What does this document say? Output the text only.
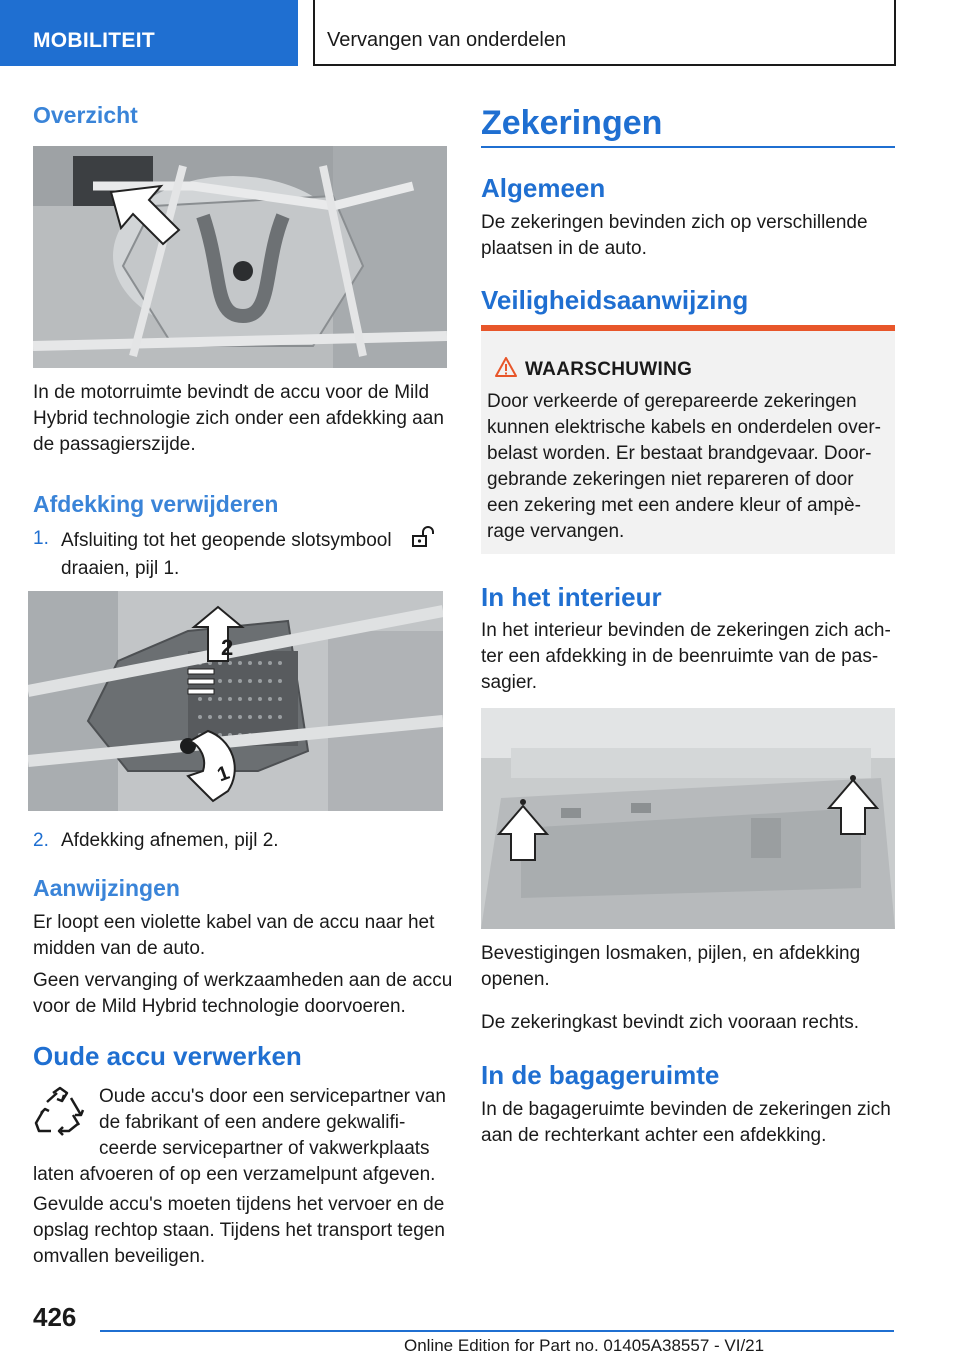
MOBILITEIT	Vervangen van onderdelen
Overzicht
In de motorruimte bevindt de accu voor de Mild Hybrid technologie zich onder een afdekking aan de passagierszijde.
Afdekking verwijderen
1. Afsluiting tot het geopende slotsymbool
draaien, pijl 1.
2
1
2. Afdekking afnemen, pijl 2.
Aanwijzingen
Er loopt een violette kabel van de accu naar het midden van de auto.
Geen vervanging of werkzaamheden aan de accu voor de Mild Hybrid technologie doorvoeren.
Oude accu verwerken
Oude accu's door een servicepartner van de fabrikant of een andere gekwalificeerde servicepartner of vakwerkplaats
laten afvoeren of op een verzamelpunt afgeven.
Gevulde accu's moeten tijdens het vervoer en de opslag rechtop staan. Tijdens het transport tegen omvallen beveiligen.
Zekeringen
Algemeen
De zekeringen bevinden zich op verschillende plaatsen in de auto.
Veiligheidsaanwijzing
WAARSCHUWING
Door verkeerde of gerepareerde zekeringen kunnen elektrische kabels en onderdelen overbelast worden. Er bestaat brandgevaar. Doorgebrande zekeringen niet repareren of door een zekering met een andere kleur of ampèrage vervangen.
In het interieur
In het interieur bevinden de zekeringen zich achter een afdekking in de beenruimte van de passagier.
Bevestigingen losmaken, pijlen, en afdekking openen.
De zekeringkast bevindt zich vooraan rechts.
In de bagageruimte
In de bagageruimte bevinden de zekeringen zich aan de rechterkant achter een afdekking.
426
Online Edition for Part no. 01405A38557 - VI/21
